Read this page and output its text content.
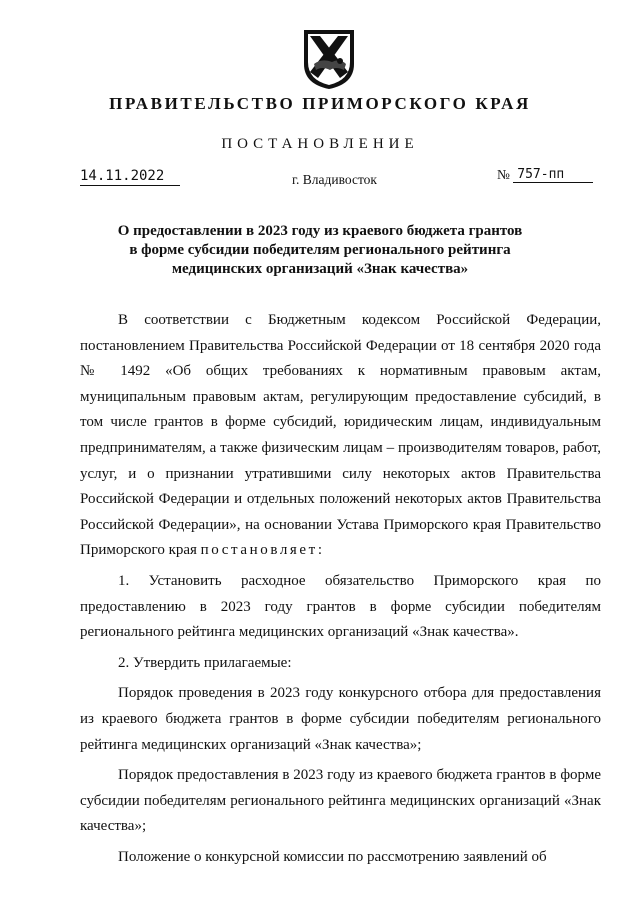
ПРАВИТЕЛЬСТВО ПРИМОРСКОГО КРАЯ
ПОСТАНОВЛЕНИЕ
14.11.2022	г. Владивосток	№ 757-пп
О предоставлении в 2023 году из краевого бюджета грантов
в форме субсидии победителям регионального рейтинга
медицинских организаций «Знак качества»

В соответствии с Бюджетным кодексом Российской Федерации, постановлением Правительства Российской Федерации от 18 сентября 2020 года № 1492 «Об общих требованиях к нормативным правовым актам, муниципальным правовым актам, регулирующим предоставление субсидий, в том числе грантов в форме субсидий, юридическим лицам, индивидуальным предпринимателям, а также физическим лицам – производителям товаров, работ, услуг, и о признании утратившими силу некоторых актов Правительства Российской Федерации и отдельных положений некоторых актов Правительства Российской Федерации», на основании Устава Приморского края Правительство Приморского края постановляет:

1. Установить расходное обязательство Приморского края по предоставлению в 2023 году грантов в форме субсидии победителям регионального рейтинга медицинских организаций «Знак качества».

2. Утвердить прилагаемые:

Порядок проведения в 2023 году конкурсного отбора для предоставления из краевого бюджета грантов в форме субсидии победителям регионального рейтинга медицинских организаций «Знак качества»;

Порядок предоставления в 2023 году из краевого бюджета грантов в форме субсидии победителям регионального рейтинга медицинских организаций «Знак качества»;

Положение о конкурсной комиссии по рассмотрению заявлений об
